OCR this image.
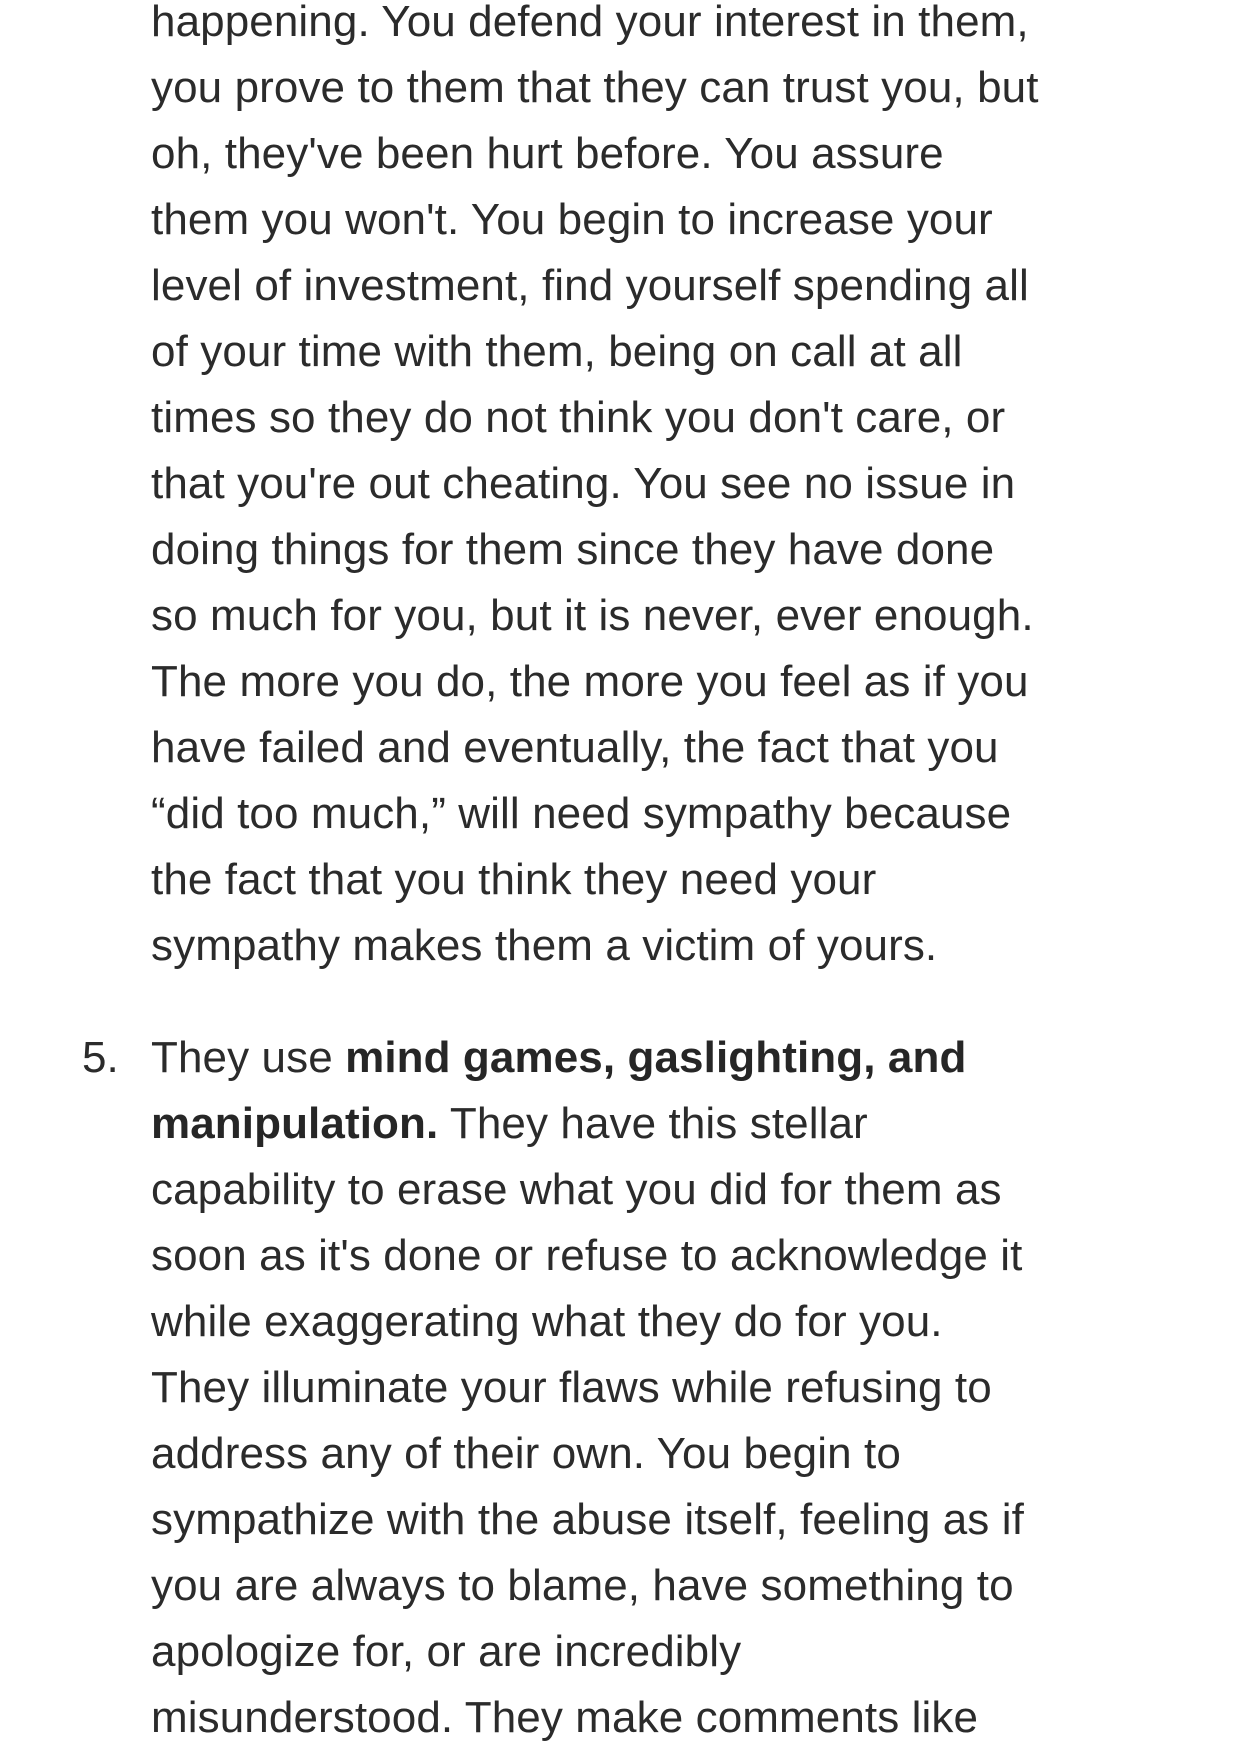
happening. You defend your interest in them,
you prove to them that they can trust you, but
oh, they've been hurt before. You assure
them you won't. You begin to increase your
level of investment, find yourself spending all
of your time with them, being on call at all
times so they do not think you don't care, or
that you're out cheating. You see no issue in
doing things for them since they have done
so much for you, but it is never, ever enough.
The more you do, the more you feel as if you
have failed and eventually, the fact that you
“did too much,” will need sympathy because
the fact that you think they need your
sympathy makes them a victim of yours.
5. They use mind games, gaslighting, and
manipulation. They have this stellar
capability to erase what you did for them as
soon as it's done or refuse to acknowledge it
while exaggerating what they do for you.
They illuminate your flaws while refusing to
address any of their own. You begin to
sympathize with the abuse itself, feeling as if
you are always to blame, have something to
apologize for, or are incredibly
misunderstood. They make comments like
